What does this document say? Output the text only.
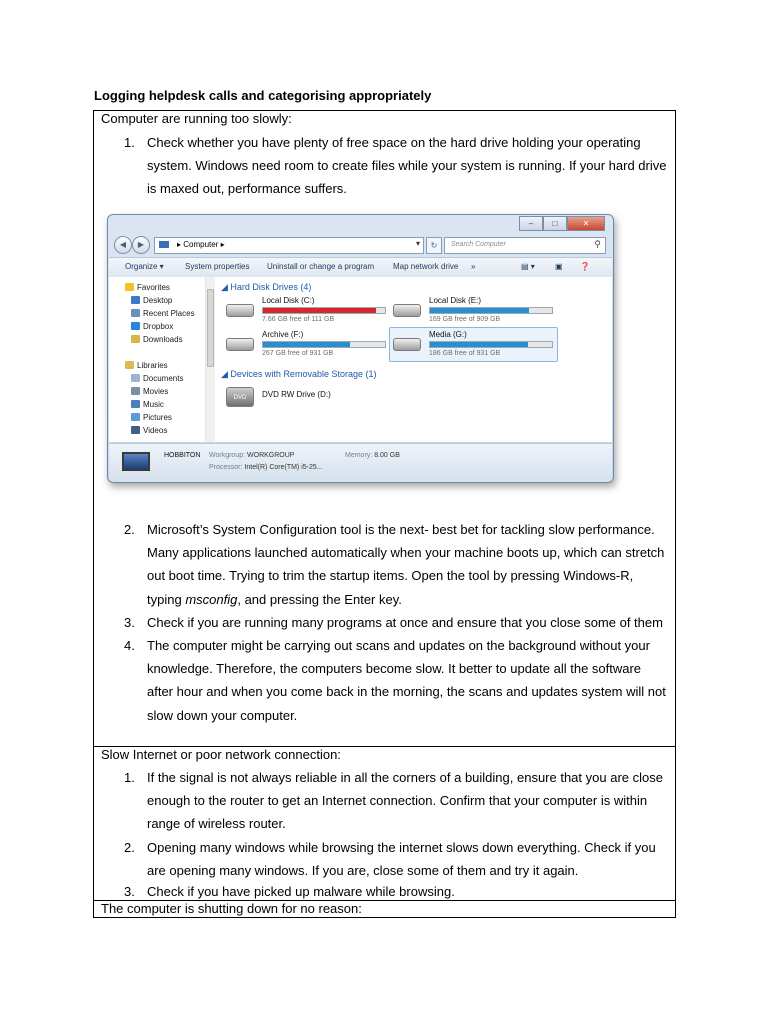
Logging helpdesk calls and categorising appropriately
Computer are running too slowly:
1. Check whether you have plenty of free space on the hard drive holding your operating system. Windows need room to create files while your system is running. If your hard drive is maxed out, performance suffers.
–	□	✕
◀	▶	▸ Computer ▸	▾	↻	Search Computer	⚲
Organize ▾	System properties Uninstall or change a program Map network drive »	▤ ▾	▣ ❓
Favorites
Desktop
Recent Places
Dropbox
Downloads
Libraries
Documents
Movies
Music
Pictures
Videos
◢ Hard Disk Drives (4)
Local Disk (C:)
7.66 GB free of 111 GB
Local Disk (E:)
169 GB free of 909 GB
Archive (F:)
267 GB free of 931 GB
Media (G:)
186 GB free of 931 GB
◢ Devices with Removable Storage (1)
DVD	DVD RW Drive (D:)
HOBBITON Workgroup: WORKGROUP	Memory: 8.00 GB
Processor: Intel(R) Core(TM) i5-25...
2. Microsoft’s System Configuration tool is the next- best bet for tackling slow performance. Many applications launched automatically when your machine boots up, which can stretch out boot time. Trying to trim the startup items. Open the tool by pressing Windows-R, typing msconfig, and pressing the Enter key.
3. Check if you are running many programs at once and ensure that you close some of them
4. The computer might be carrying out scans and updates on the background without your knowledge. Therefore, the computers become slow. It better to update all the software after hour and when you come back in the morning, the scans and updates system will not slow down your computer.
Slow Internet or poor network connection:
1. If the signal is not always reliable in all the corners of a building, ensure that you are close enough to the router to get an Internet connection. Confirm that your computer is within range of wireless router.
2. Opening many windows while browsing the internet slows down everything. Check if you are opening many windows. If you are, close some of them and try it again.
3. Check if you have picked up malware while browsing.
The computer is shutting down for no reason:
